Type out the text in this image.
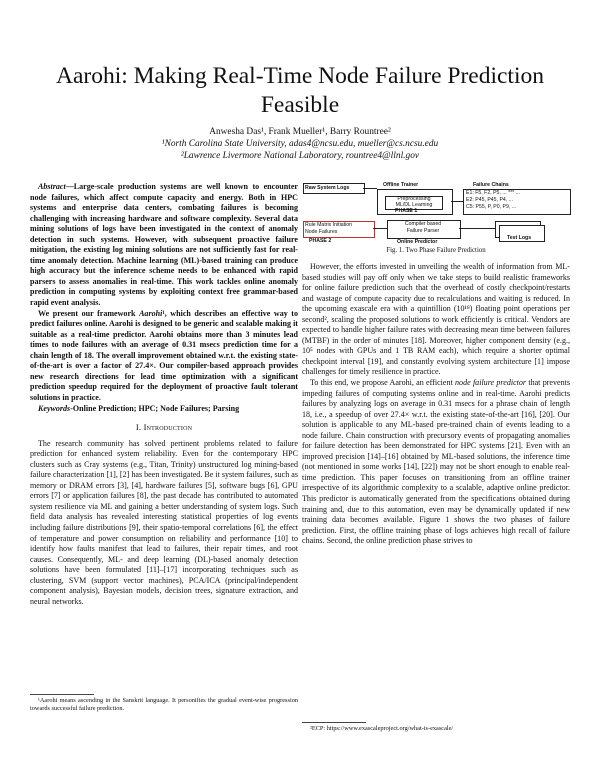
Aarohi: Making Real-Time Node Failure Prediction Feasible
Anwesha Das¹, Frank Mueller¹, Barry Rountree²
¹North Carolina State University, adas4@ncsu.edu, mueller@cs.ncsu.edu
²Lawrence Livermore National Laboratory, rountree4@llnl.gov

Abstract—Large-scale production systems are well known to encounter node failures, which affect compute capacity and energy. Both in HPC systems and enterprise data centers, combating failures is becoming challenging with increasing hardware and software complexity. Several data mining solutions of logs have been investigated in the context of anomaly detection in such systems. However, with subsequent proactive failure mitigation, the existing log mining solutions are not sufficiently fast for real-time anomaly detection. Machine learning (ML)-based training can produce high accuracy but the inference scheme needs to be enhanced with rapid parsers to assess anomalies in real-time. This work tackles online anomaly prediction in computing systems by exploiting context free grammar-based rapid event analysis.

We present our framework Aarohi¹, which describes an effective way to predict failures online. Aarohi is designed to be generic and scalable making it suitable as a real-time predictor. Aarohi obtains more than 3 minutes lead times to node failures with an average of 0.31 msecs prediction time for a chain length of 18. The overall improvement obtained w.r.t. the existing state-of-the-art is over a factor of 27.4×. Our compiler-based approach provides new research directions for lead time optimization with a significant prediction speedup required for the deployment of proactive fault tolerant solutions in practice.

Keywords-Online Prediction; HPC; Node Failures; Parsing

I. Introduction

The research community has solved pertinent problems related to failure prediction for enhanced system reliability. Even for the contemporary HPC clusters such as Cray systems (e.g., Titan, Trinity) unstructured log mining-based failure characterization [1], [2] has been investigated. Be it system failures, such as memory or DRAM errors [3], [4], hardware failures [5], software bugs [6], GPU errors [7] or application failures [8], the past decade has contributed to automated system resilience via ML and gaining a better understanding of system logs. Such field data analysis has revealed interesting statistical properties of log events including failure distributions [9], their spatio-temporal correlations [6], the effect of temperature and power consumption on reliability and performance [10] to identify how faults manifest that lead to failures, their repair times, and root causes. Consequently, ML- and deep learning (DL)-based anomaly detection solutions have been formulated [11]–[17] incorporating techniques such as clustering, SVM (support vector machines), PCA/ICA (principal/independent component analysis), Bayesian models, decision trees, signature extraction, and neural networks.

¹Aarohi means ascending in the Sanskrit language. It personifies the gradual event-wise progression towards successful failure prediction.
Raw System Logs	Offline Trainer
Preprocessing
ML/DL Learning
PHASE 1
Failure Chains
E1: F5, F2, P5, ... *** ...
E2: P45, P45, P4, ...
C5: P55, P, P0, P9, ...
Rule Matrix Initiation
Node Failures
PHASE 2
Compiler based
Failure Parser
Online Predictor
Test Logs
Fig. 1. Two Phase Failure Prediction

However, the efforts invested in unveiling the wealth of information from ML-based studies will pay off only when we take steps to build realistic frameworks for online failure prediction such that the overhead of costly checkpoint/restarts and wastage of compute capacity due to recalculations and waiting is reduced. In the upcoming exascale era with a quintillion (10¹⁸) floating point operations per second², scaling the proposed solutions to work efficiently is critical. Vendors are expected to handle higher failure rates with decreasing mean time between failures (MTBF) in the order of minutes [18]. Moreover, higher component density (e.g., 10⁵ nodes with GPUs and 1 TB RAM each), which require a shorter optimal checkpoint interval [19], and constantly evolving system architecture [1] impose challenges for timely resilience in practice.

To this end, we propose Aarohi, an efficient node failure predictor that prevents impeding failures of computing systems online and in real-time. Aarohi predicts failures by analyzing logs on average in 0.31 msecs for a phrase chain of length 18, i.e., a speedup of over 27.4× w.r.t. the existing state-of-the-art [16], [20]. Our solution is applicable to any ML-based pre-trained chain of events leading to a node failure. Chain construction with precursory events of propagating anomalies for failure detection has been demonstrated for HPC systems [21]. Even with an improved precision [14]–[16] obtained by ML-based solutions, the inference time (not mentioned in some works [14], [22]) may not be short enough to enable real-time prediction. This paper focuses on transitioning from an offline trainer irrespective of its algorithmic complexity to a scalable, adaptive online predictor. This predictor is automatically generated from the specifications obtained during training and, due to this automation, even may be dynamically updated if new training data becomes available. Figure 1 shows the two phases of failure prediction. First, the offline training phase of logs achieves high recall of failure chains. Second, the online prediction phase strives to

²ECP: https://www.exascaleproject.org/what-is-exascale/
